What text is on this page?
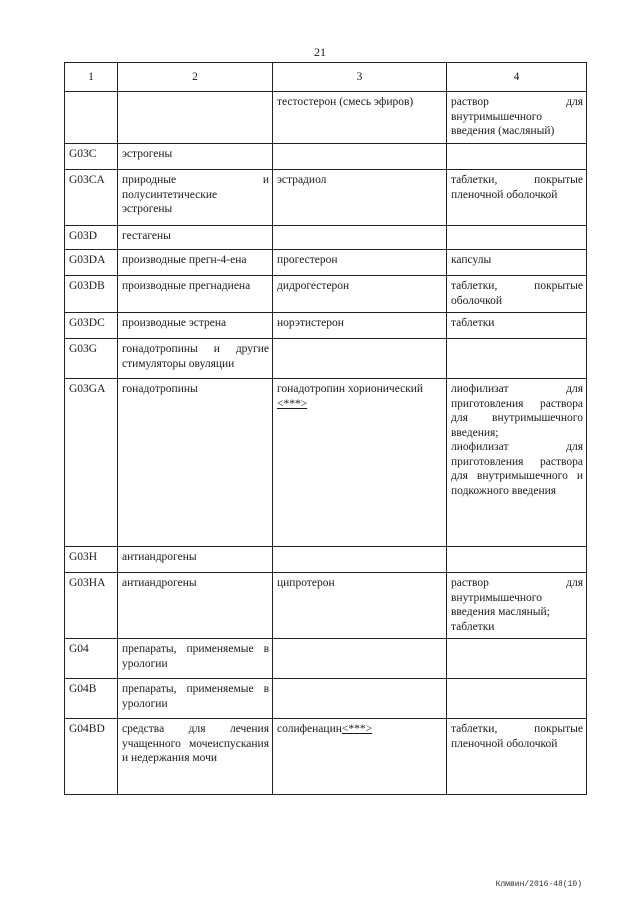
21
1	2	3	4
		тестостерон (смесь эфиров)	раствор для внутримышечного введения (масляный)

G03C	эстрогены		
G03CA	природные и полусинтетические эстрогены	эстрадиол	таблетки, покрытые пленочной оболочкой

G03D	гестагены		
G03DA	производные прегн-4-ена	прогестерон	капсулы

G03DB	производные прегнадиена	дидрогестерон	таблетки, покрытые оболочкой

G03DC	производные эстрена	норэтистерон	таблетки

G03G	гонадотропины и другие стимуляторы овуляции		
G03GA	гонадотропины	гонадотропин хорионический <***>	лиофилизат для приготовления раствора для внутримышечного введения;
лиофилизат для приготовления раствора для внутримышечного и подкожного введения

G03H	антиандрогены		
G03HA	антиандрогены	ципротерон	раствор для внутримышечного введения масляный;
таблетки

G04	препараты, применяемые в урологии		
G04B	препараты, применяемые в урологии		
G04BD	средства для лечения учащенного мочеиспускания и недержания мочи	солифенацин<***>	таблетки, покрытые пленочной оболочкой
Клмвин/2016-48(10)
